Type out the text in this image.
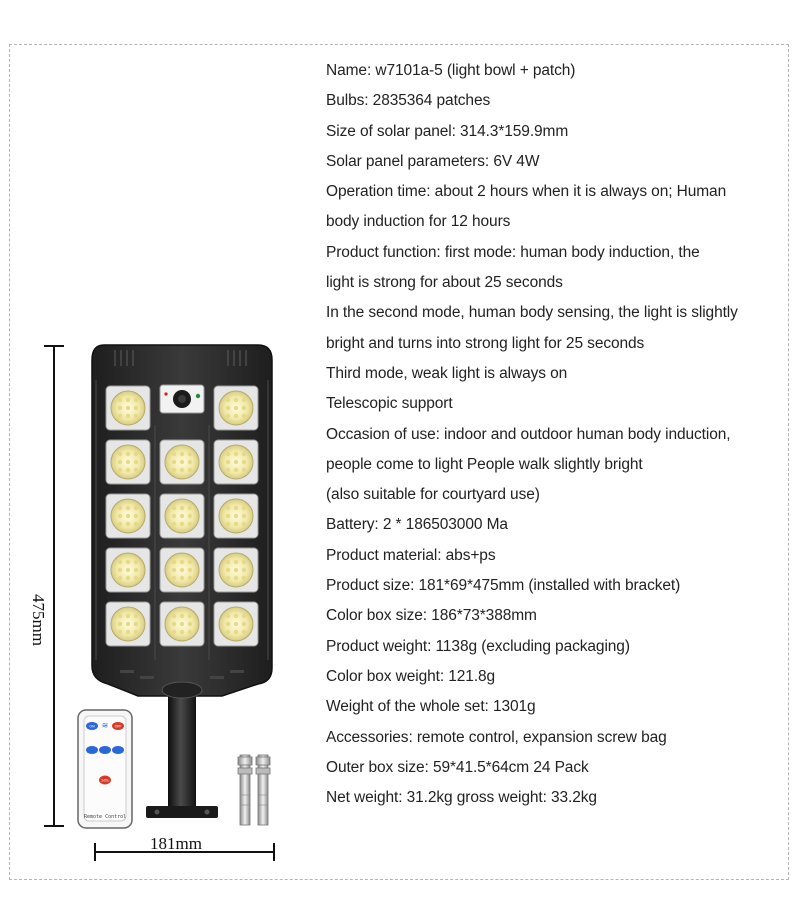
ON ≋ OFF
SOS
475mm
181mm
Remote Control
Name: w7101a-5 (light bowl + patch)
Bulbs: 2835364 patches
Size of solar panel: 314.3*159.9mm
Solar panel parameters: 6V 4W
Operation time: about 2 hours when it is always on; Human
body induction for 12 hours
Product function: first mode: human body induction, the
light is strong for about 25 seconds
In the second mode, human body sensing, the light is slightly
bright and turns into strong light for 25 seconds
Third mode, weak light is always on
Telescopic support
Occasion of use: indoor and outdoor human body induction,
people come to light People walk slightly bright
(also suitable for courtyard use)
Battery: 2 * 186503000 Ma
Product material: abs+ps
Product size: 181*69*475mm (installed with bracket)
Color box size: 186*73*388mm
Product weight: 1138g (excluding packaging)
Color box weight: 121.8g
Weight of the whole set: 1301g
Accessories: remote control, expansion screw bag
Outer box size: 59*41.5*64cm 24 Pack
Net weight: 31.2kg gross weight: 33.2kg
